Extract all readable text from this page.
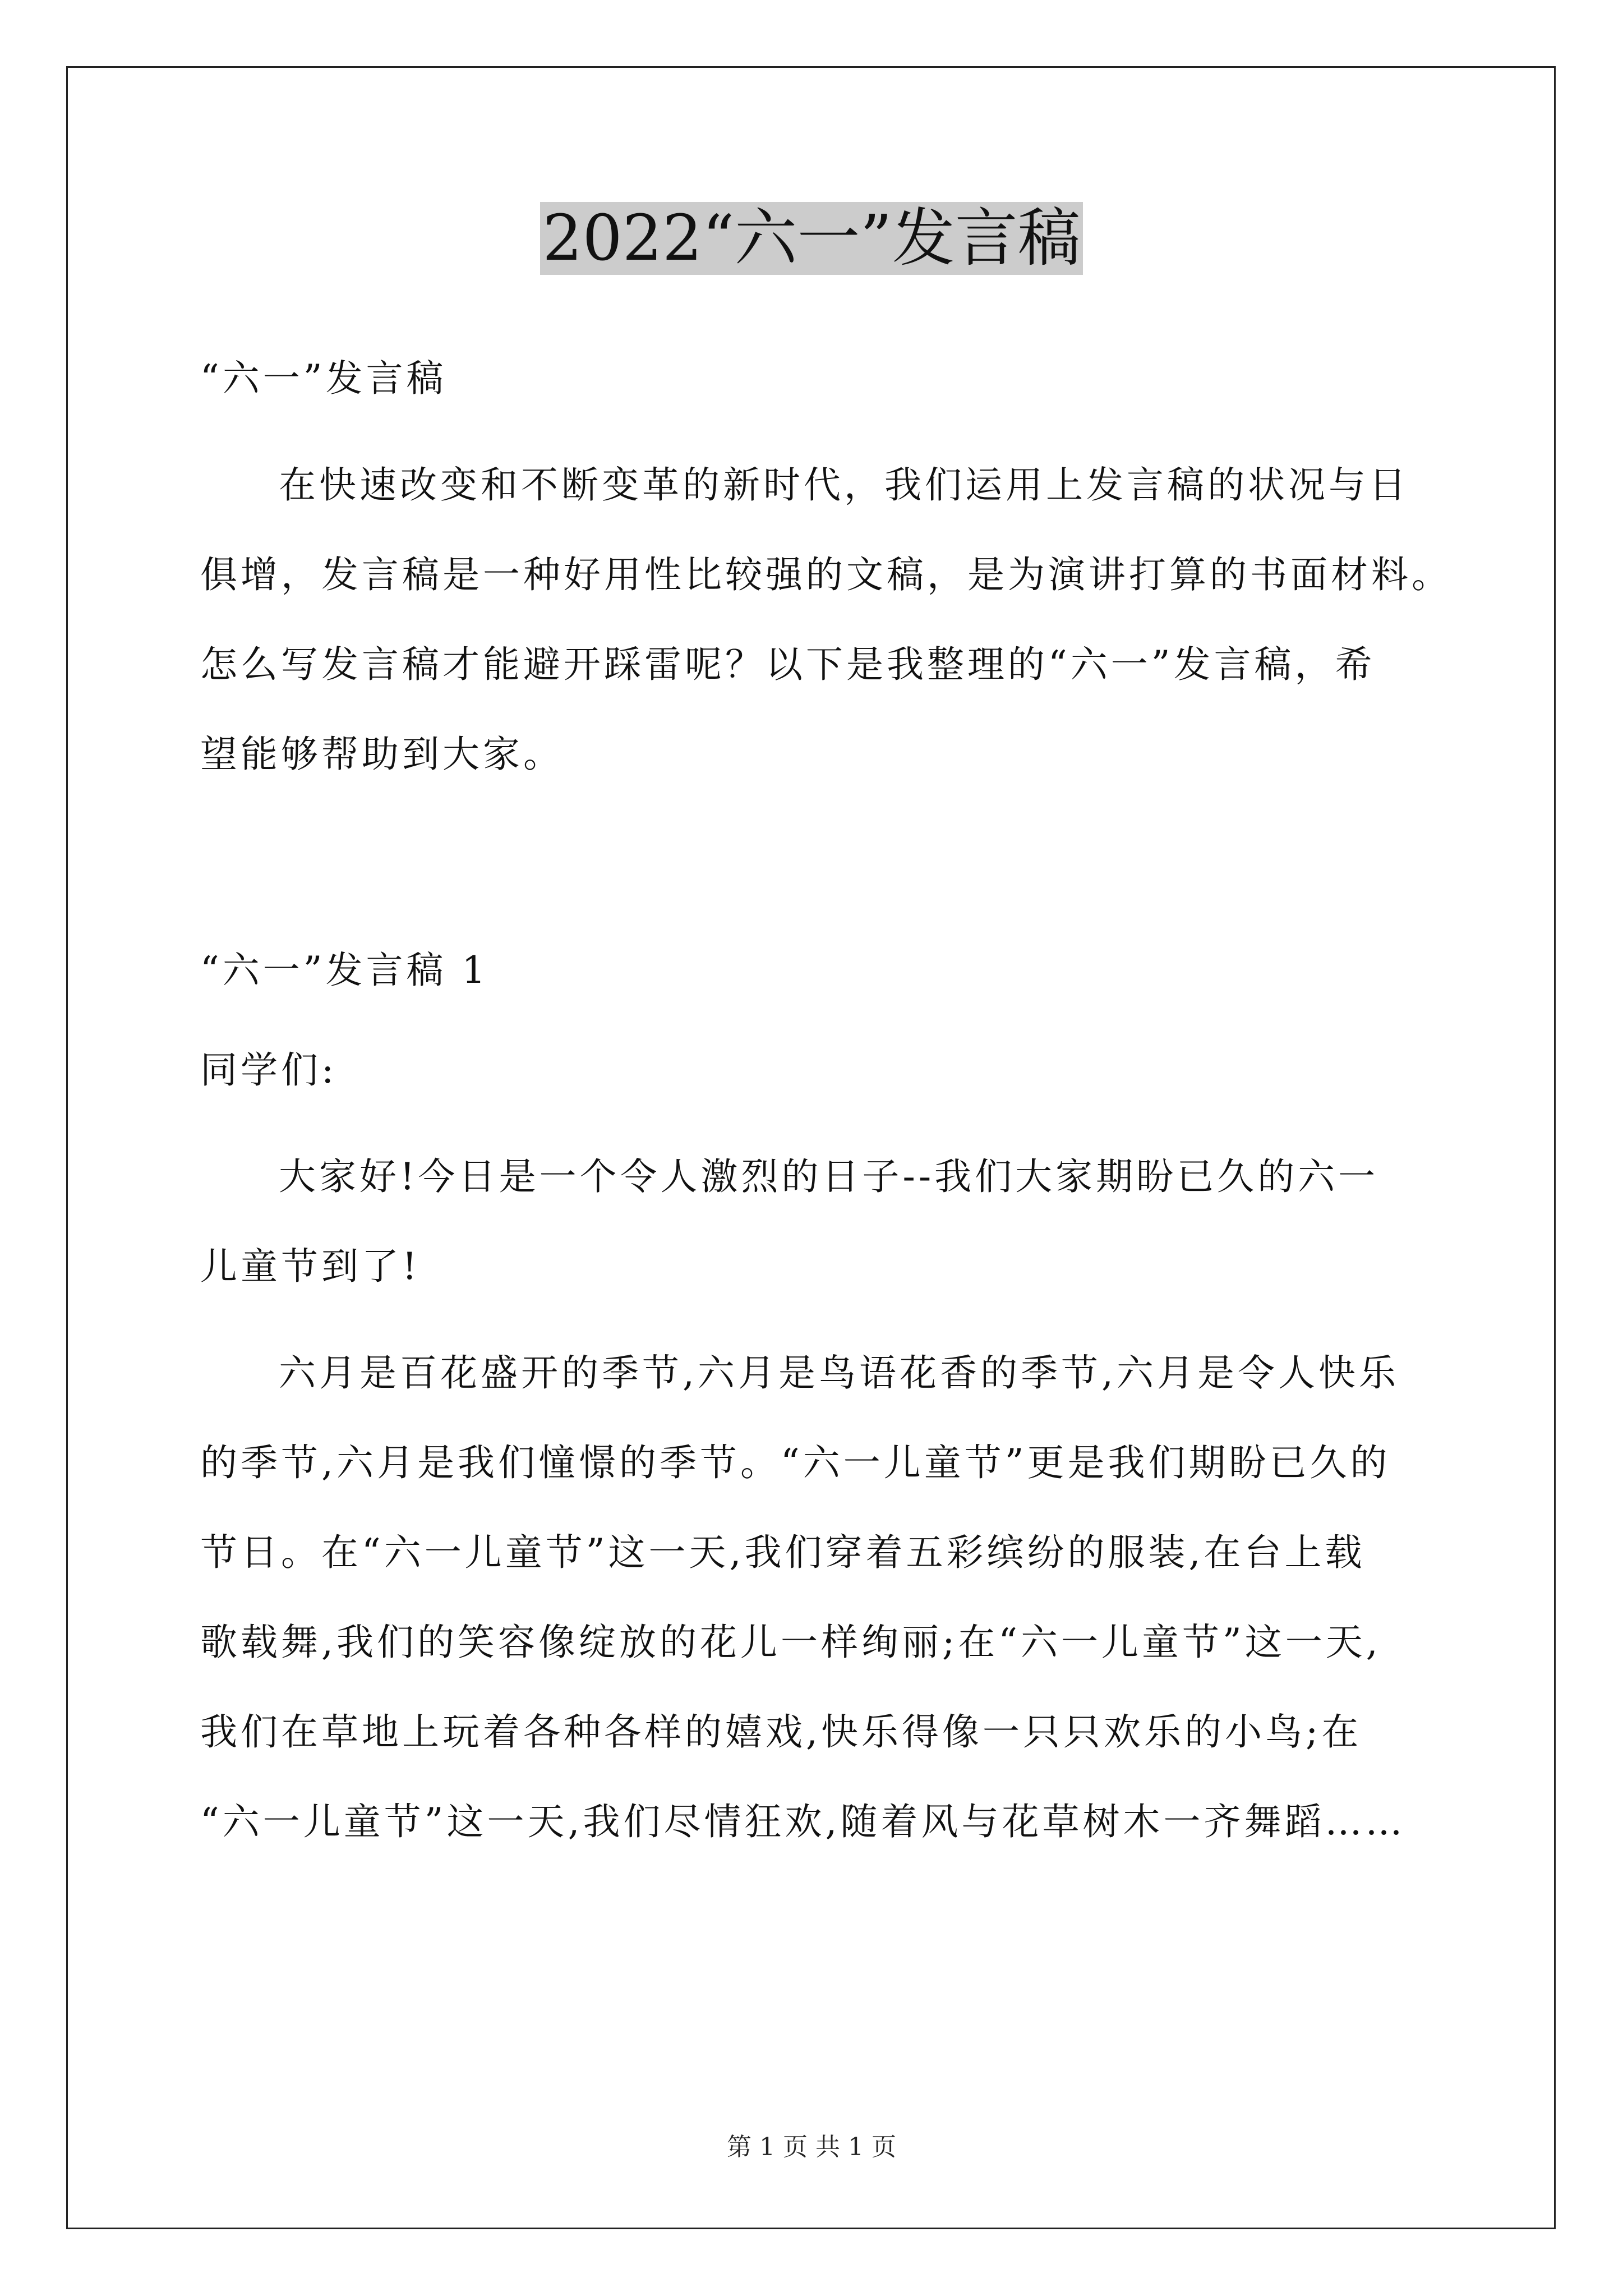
2022“六一”发言稿
“六一”发言稿
在快速改变和不断变革的新时代，我们运用上发言稿的状况与日
俱增，发言稿是一种好用性比较强的文稿，是为演讲打算的书面材料。
怎么写发言稿才能避开踩雷呢？以下是我整理的“六一”发言稿，希
望能够帮助到大家。
“六一”发言稿 1
同学们:
大家好!今日是一个令人激烈的日子--我们大家期盼已久的六一
儿童节到了!
六月是百花盛开的季节,六月是鸟语花香的季节,六月是令人快乐
的季节,六月是我们憧憬的季节。“六一儿童节”更是我们期盼已久的
节日。在“六一儿童节”这一天,我们穿着五彩缤纷的服装,在台上载
歌载舞,我们的笑容像绽放的花儿一样绚丽;在“六一儿童节”这一天,
我们在草地上玩着各种各样的嬉戏,快乐得像一只只欢乐的小鸟;在
“六一儿童节”这一天,我们尽情狂欢,随着风与花草树木一齐舞蹈……
第 1 页 共 1 页
